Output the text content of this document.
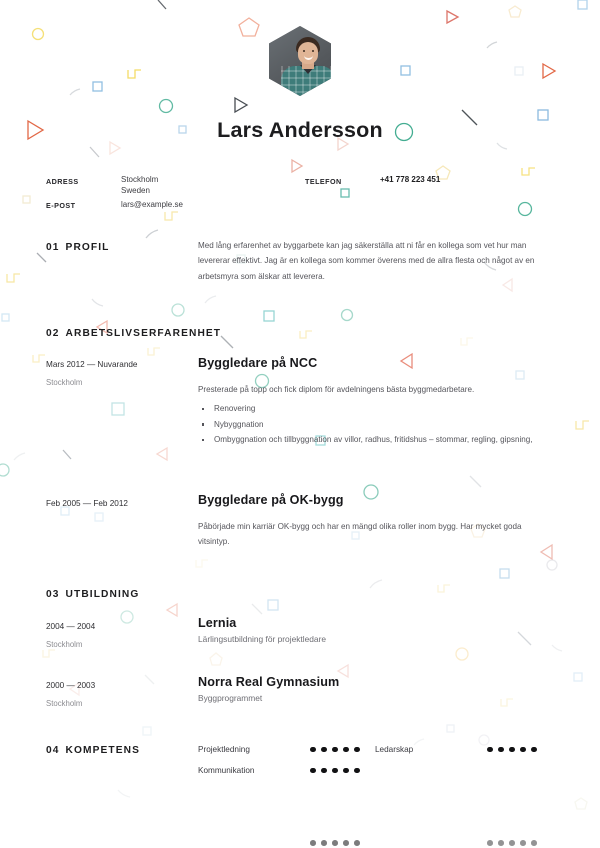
Lars Andersson
ADRESS	Stockholm
Sweden
E-POST	lars@example.se
TELEFON	+41 778 223 451
01 PROFIL	Med lång erfarenhet av byggarbete kan jag säkerställa att ni får en kollega som vet hur man levererar effektivt. Jag är en kollega som kommer överens med de allra flesta och något av en arbetsmyra som älskar att leverera.
02 ARBETSLIVSERFARENHET
Mars 2012 — Nuvarande
Stockholm
Byggledare på NCC
Presterade på topp och fick diplom för avdelningens bästa byggmedarbetare.
Renovering
Nybyggnation
Ombyggnation och tillbyggnation av villor, radhus, fritidshus – stommar, regling, gipsning,
Feb 2005 — Feb 2012	Byggledare på OK-bygg
Påbörjade min karriär OK-bygg och har en mängd olika roller inom bygg. Har mycket goda vitsintyp.
03 UTBILDNING
2004 — 2004
Stockholm
Lernia
Lärlingsutbildning för projektledare
2000 — 2003
Stockholm
Norra Real Gymnasium
Byggprogrammet
04 KOMPETENS	Projektledning
Kommunikation
Ledarskap
